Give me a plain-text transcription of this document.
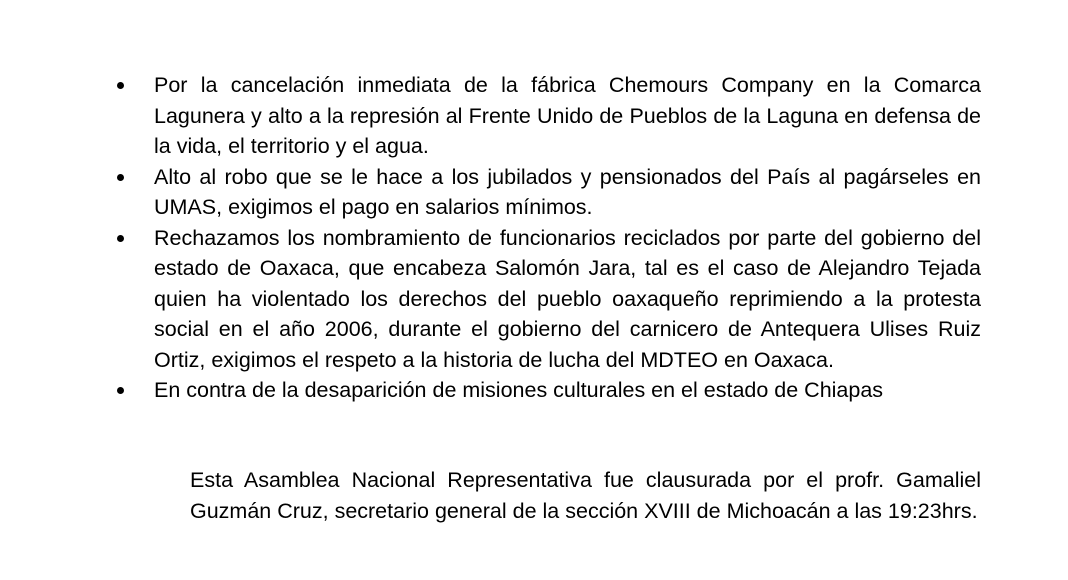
Por la cancelación inmediata de la fábrica Chemours Company en la Comarca Lagunera y alto a la represión al Frente Unido de Pueblos de la Laguna en defensa de la vida, el territorio y el agua.
Alto al robo que se le hace a los jubilados y pensionados del País al pagárseles en UMAS, exigimos el pago en salarios mínimos.
Rechazamos los nombramiento de funcionarios reciclados por parte del gobierno del estado de Oaxaca, que encabeza Salomón Jara, tal es el caso de Alejandro Tejada quien ha violentado los derechos del pueblo oaxaqueño reprimiendo a la protesta social en el año 2006, durante el gobierno del carnicero de Antequera Ulises Ruiz Ortiz, exigimos el respeto a la historia de lucha del MDTEO en Oaxaca.
En contra de la desaparición de misiones culturales en el estado de Chiapas

Esta Asamblea Nacional Representativa fue clausurada por el profr. Gamaliel Guzmán Cruz, secretario general de la sección XVIII de Michoacán a las 19:23hrs.
